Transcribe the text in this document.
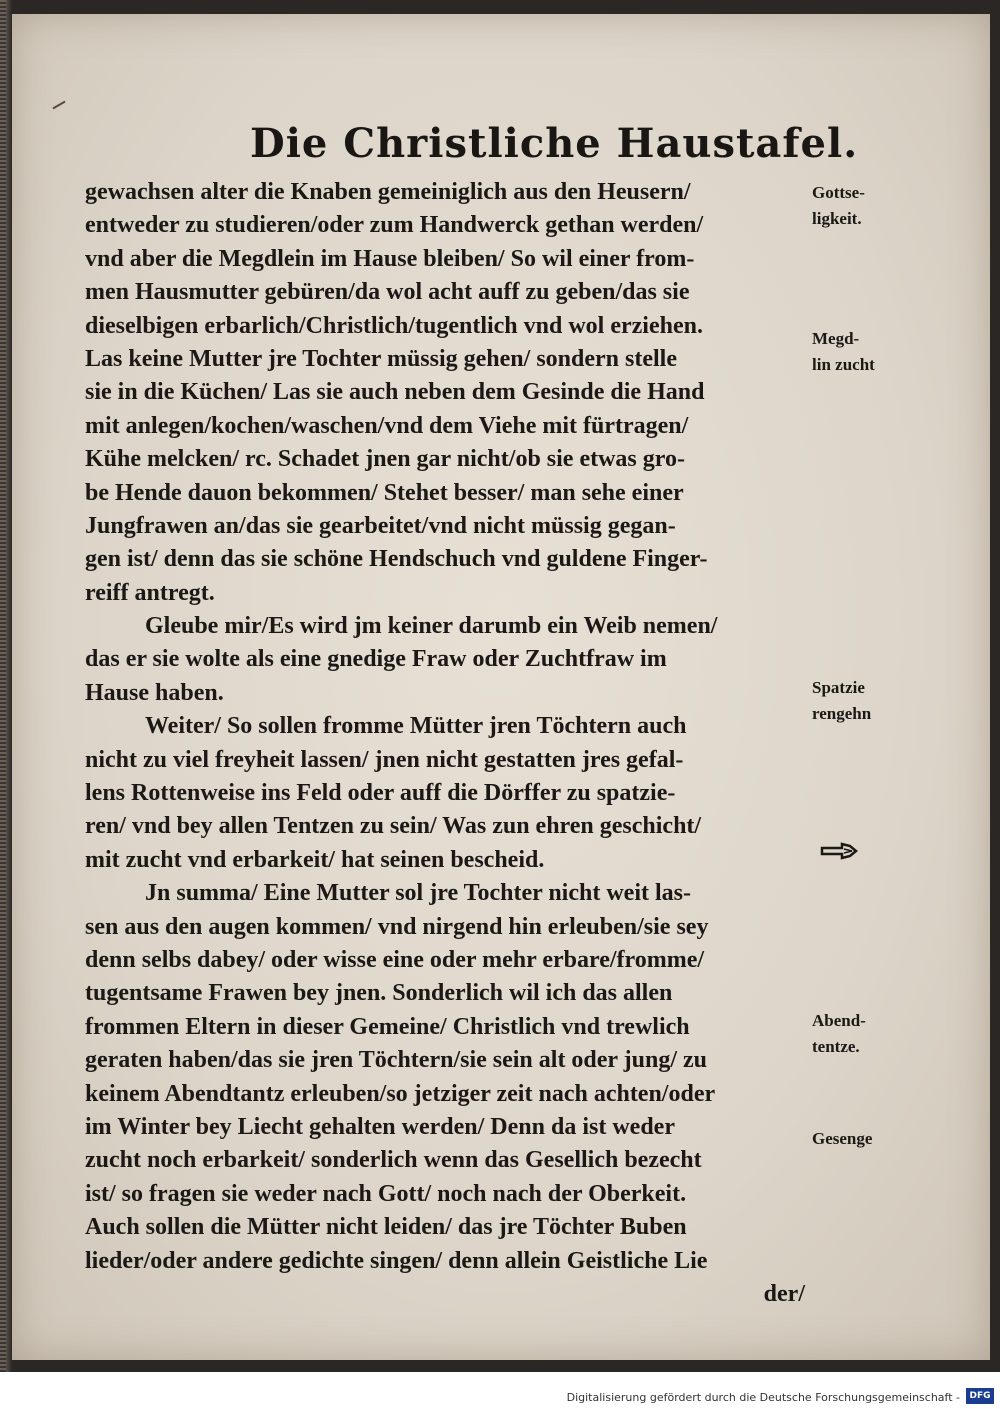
Die Christliche Haustafel.
gewachsen alter die Knaben gemeiniglich aus den Heusern/
entweder zu studieren/oder zum Handwerck gethan werden/
vnd aber die Megdlein im Hause bleiben/ So wil einer from-
men Hausmutter gebüren/da wol acht auff zu geben/das sie
dieselbigen erbarlich/Christlich/tugentlich vnd wol erziehen.
Las keine Mutter jre Tochter müssig gehen/ sondern stelle
sie in die Küchen/ Las sie auch neben dem Gesinde die Hand
mit anlegen/kochen/waschen/vnd dem Viehe mit fürtragen/
Kühe melcken/ rc. Schadet jnen gar nicht/ob sie etwas gro-
be Hende dauon bekommen/ Stehet besser/ man sehe einer
Jungfrawen an/das sie gearbeitet/vnd nicht müssig gegan-
gen ist/ denn das sie schöne Hendschuch vnd guldene Finger-
reiff antregt.
Gleube mir/Es wird jm keiner darumb ein Weib nemen/
das er sie wolte als eine gnedige Fraw oder Zuchtfraw im
Hause haben.
Weiter/ So sollen fromme Mütter jren Töchtern auch
nicht zu viel freyheit lassen/ jnen nicht gestatten jres gefal-
lens Rottenweise ins Feld oder auff die Dörffer zu spatzie-
ren/ vnd bey allen Tentzen zu sein/ Was zun ehren geschicht/
mit zucht vnd erbarkeit/ hat seinen bescheid.
Jn summa/ Eine Mutter sol jre Tochter nicht weit las-
sen aus den augen kommen/ vnd nirgend hin erleuben/sie sey
denn selbs dabey/ oder wisse eine oder mehr erbare/fromme/
tugentsame Frawen bey jnen. Sonderlich wil ich das allen
frommen Eltern in dieser Gemeine/ Christlich vnd trewlich
geraten haben/das sie jren Töchtern/sie sein alt oder jung/ zu
keinem Abendtantz erleuben/so jetziger zeit nach achten/oder
im Winter bey Liecht gehalten werden/ Denn da ist weder
zucht noch erbarkeit/ sonderlich wenn das Gesellich bezecht
ist/ so fragen sie weder nach Gott/ noch nach der Oberkeit.
Auch sollen die Mütter nicht leiden/ das jre Töchter Buben
lieder/oder andere gedichte singen/ denn allein Geistliche Lie
der/
Gottse-
ligkeit.
Megd-
lin zucht
Spatzie
rengehn
Abend-
tentze.
Gesenge
Digitalisierung gefördert durch die Deutsche Forschungsgemeinschaft -	DFG
